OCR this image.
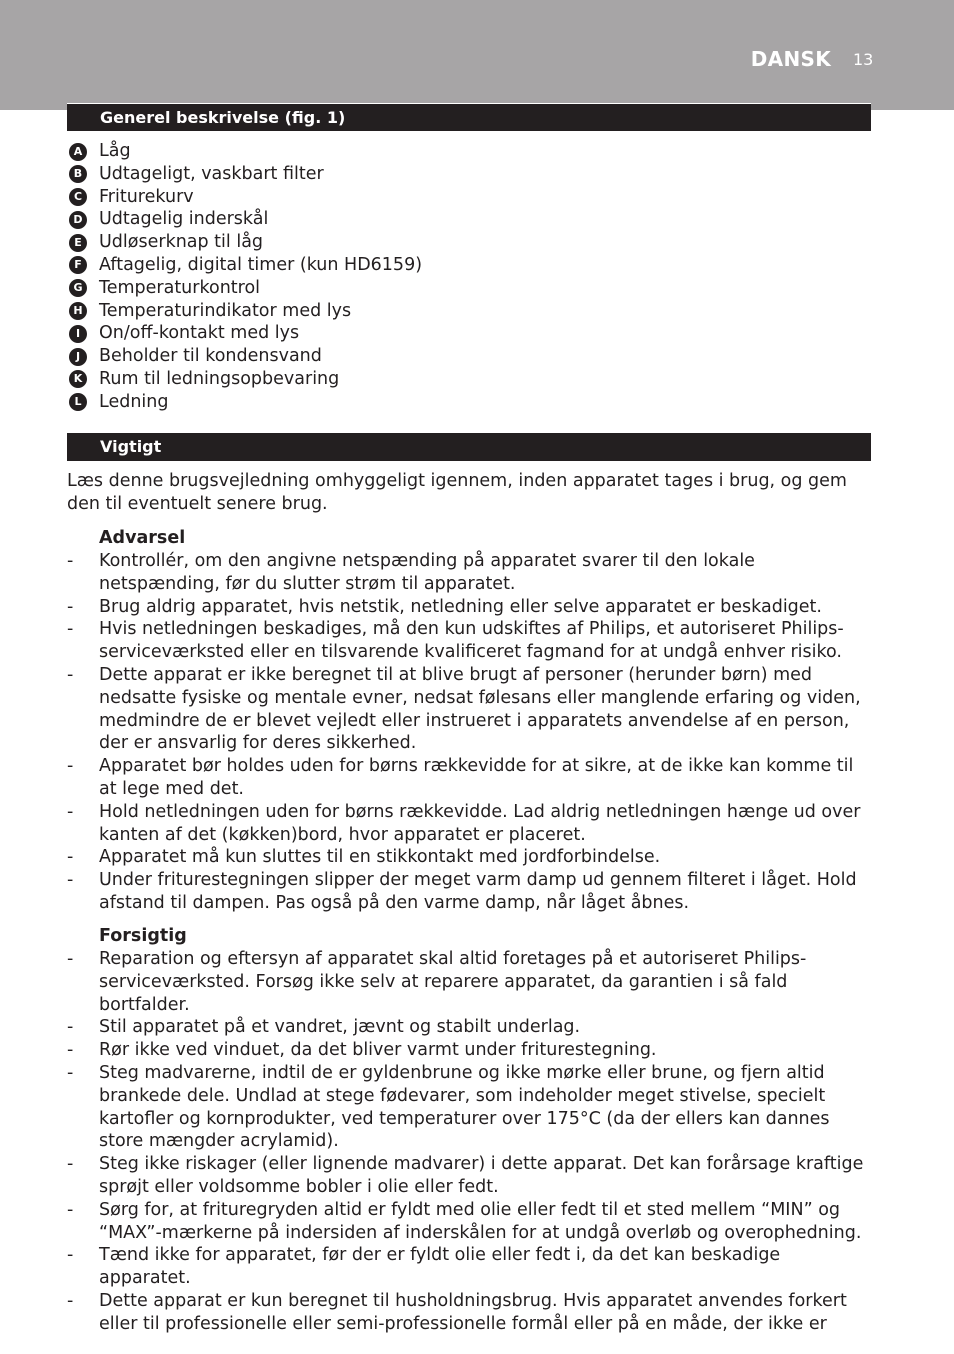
DANSK 13
Generel beskrivelse (fig. 1)
A Låg
B Udtageligt, vaskbart filter
C Friturekurv
D Udtagelig inderskål
E Udløserknap til låg
F Aftagelig, digital timer (kun HD6159)
G Temperaturkontrol
H Temperaturindikator med lys
I	On/off-kontakt med lys
J	Beholder til kondensvand
K Rum til ledningsopbevaring
L	Ledning
Vigtigt
Læs denne brugsvejledning omhyggeligt igennem, inden apparatet tages i brug, og gem den til eventuelt senere brug.
Advarsel
- Kontrollér, om den angivne netspænding på apparatet svarer til den lokale netspænding, før du slutter strøm til apparatet.
- Brug aldrig apparatet, hvis netstik, netledning eller selve apparatet er beskadiget.
- Hvis netledningen beskadiges, må den kun udskiftes af Philips, et autoriseret Philips-serviceværksted eller en tilsvarende kvalificeret fagmand for at undgå enhver risiko.
- Dette apparat er ikke beregnet til at blive brugt af personer (herunder børn) med nedsatte fysiske og mentale evner, nedsat følesans eller manglende erfaring og viden, medmindre de er blevet vejledt eller instrueret i apparatets anvendelse af en person, der er ansvarlig for deres sikkerhed.
- Apparatet bør holdes uden for børns rækkevidde for at sikre, at de ikke kan komme til at lege med det.
- Hold netledningen uden for børns rækkevidde. Lad aldrig netledningen hænge ud over kanten af det (køkken)bord, hvor apparatet er placeret.
- Apparatet må kun sluttes til en stikkontakt med jordforbindelse.
- Under friturestegningen slipper der meget varm damp ud gennem filteret i låget. Hold afstand til dampen. Pas også på den varme damp, når låget åbnes.
Forsigtig
- Reparation og eftersyn af apparatet skal altid foretages på et autoriseret Philips-serviceværksted. Forsøg ikke selv at reparere apparatet, da garantien i så fald bortfalder.
- Stil apparatet på et vandret, jævnt og stabilt underlag.
- Rør ikke ved vinduet, da det bliver varmt under friturestegning.
- Steg madvarerne, indtil de er gyldenbrune og ikke mørke eller brune, og fjern altid brankede dele. Undlad at stege fødevarer, som indeholder meget stivelse, specielt kartofler og kornprodukter, ved temperaturer over 175°C (da der ellers kan dannes store mængder acrylamid).
- Steg ikke riskager (eller lignende madvarer) i dette apparat. Det kan forårsage kraftige sprøjt eller voldsomme bobler i olie eller fedt.
- Sørg for, at frituregryden altid er fyldt med olie eller fedt til et sted mellem “MIN” og “MAX”-mærkerne på indersiden af inderskålen for at undgå overløb og overophedning.
- Tænd ikke for apparatet, før der er fyldt olie eller fedt i, da det kan beskadige apparatet.
- Dette apparat er kun beregnet til husholdningsbrug. Hvis apparatet anvendes forkert eller til professionelle eller semi-professionelle formål eller på en måde, der ikke er
